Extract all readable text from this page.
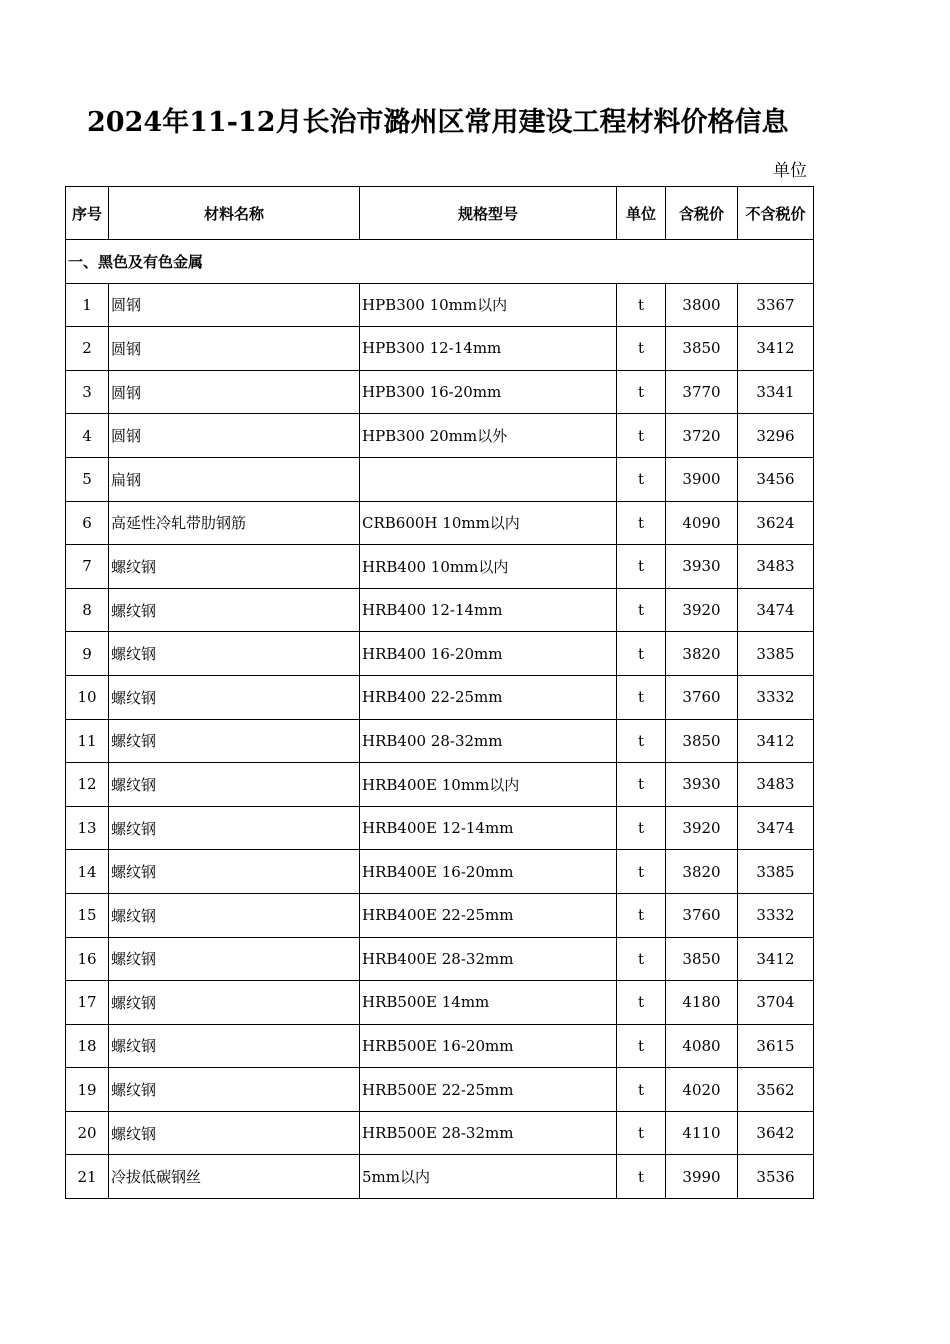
2024年11-12月长治市潞州区常用建设工程材料价格信息
单位
序号	材料名称	规格型号	单位	含税价	不含税价
一、黑色及有色金属					
1	圆钢	HPB300 10mm以内	t	3800	3367
2	圆钢	HPB300 12-14mm	t	3850	3412
3	圆钢	HPB300 16-20mm	t	3770	3341
4	圆钢	HPB300 20mm以外	t	3720	3296
5	扁钢		t	3900	3456
6	高延性冷轧带肋钢筋	CRB600H 10mm以内	t	4090	3624
7	螺纹钢	HRB400 10mm以内	t	3930	3483
8	螺纹钢	HRB400 12-14mm	t	3920	3474
9	螺纹钢	HRB400 16-20mm	t	3820	3385
10	螺纹钢	HRB400 22-25mm	t	3760	3332
11	螺纹钢	HRB400 28-32mm	t	3850	3412
12	螺纹钢	HRB400E 10mm以内	t	3930	3483
13	螺纹钢	HRB400E 12-14mm	t	3920	3474
14	螺纹钢	HRB400E 16-20mm	t	3820	3385
15	螺纹钢	HRB400E 22-25mm	t	3760	3332
16	螺纹钢	HRB400E 28-32mm	t	3850	3412
17	螺纹钢	HRB500E 14mm	t	4180	3704
18	螺纹钢	HRB500E 16-20mm	t	4080	3615
19	螺纹钢	HRB500E 22-25mm	t	4020	3562
20	螺纹钢	HRB500E 28-32mm	t	4110	3642
21	冷拔低碳钢丝	5mm以内	t	3990	3536
